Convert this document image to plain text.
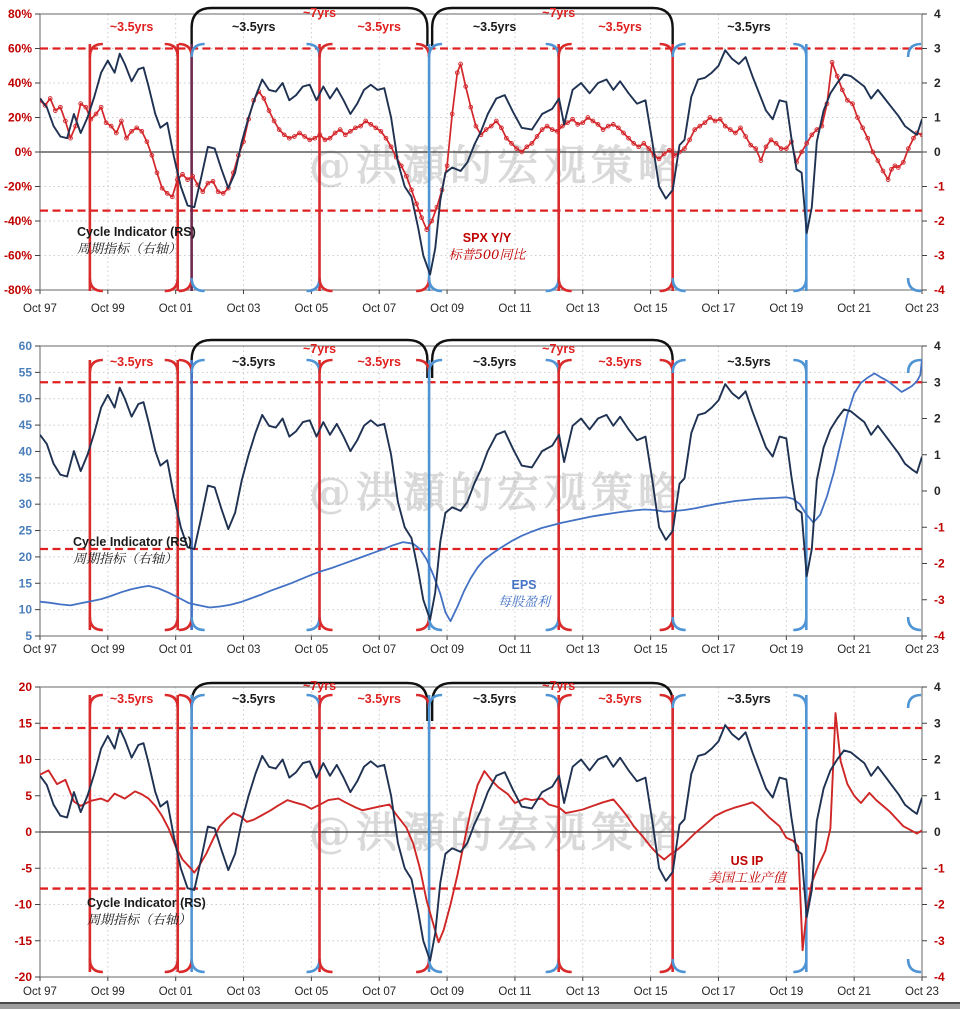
@洪灝的宏观策略
~3.5yrs	~3.5yrs
~7yrs
~3.5yrs	~3.5yrs
~7yrs
~3.5yrs	~3.5yrs
80%
60%
40%
20%
0%
-20%
-40%
-60%
-80%
4
3
2
1
0
-1
-2
-3
-4
Oct 97	Oct 99	Oct 01	Oct 03	Oct 05	Oct 07	Oct 09	Oct 11	Oct 13	Oct 15	Oct 17	Oct 19	Oct 21	Oct 23
Cycle Indicator (RS)
周期指标（右轴）
SPX Y/Y
标普500同比
@洪灝的宏观策略
~3.5yrs	~3.5yrs
~7yrs
~3.5yrs	~3.5yrs
~7yrs
~3.5yrs	~3.5yrs
60
55
50
45
40
35
30
25
20
15
10
5
4
3
2
1
0
-1
-2
-3
-4
Oct 97	Oct 99	Oct 01	Oct 03	Oct 05	Oct 07	Oct 09	Oct 11	Oct 13	Oct 15	Oct 17	Oct 19	Oct 21	Oct 23
Cycle Indicator (RS)
周期指标（右轴）
EPS
每股盈利
@洪灝的宏观策略
~3.5yrs	~3.5yrs
~7yrs
~3.5yrs	~3.5yrs
~7yrs
~3.5yrs	~3.5yrs
20
15
10
5
0
-5
-10
-15
-20
4
3
2
1
0
-1
-2
-3
-4
Oct 97	Oct 99	Oct 01	Oct 03	Oct 05	Oct 07	Oct 09	Oct 11	Oct 13	Oct 15	Oct 17	Oct 19	Oct 21	Oct 23
Cycle Indicator (RS)
周期指标（右轴）
US IP
美国工业产值
